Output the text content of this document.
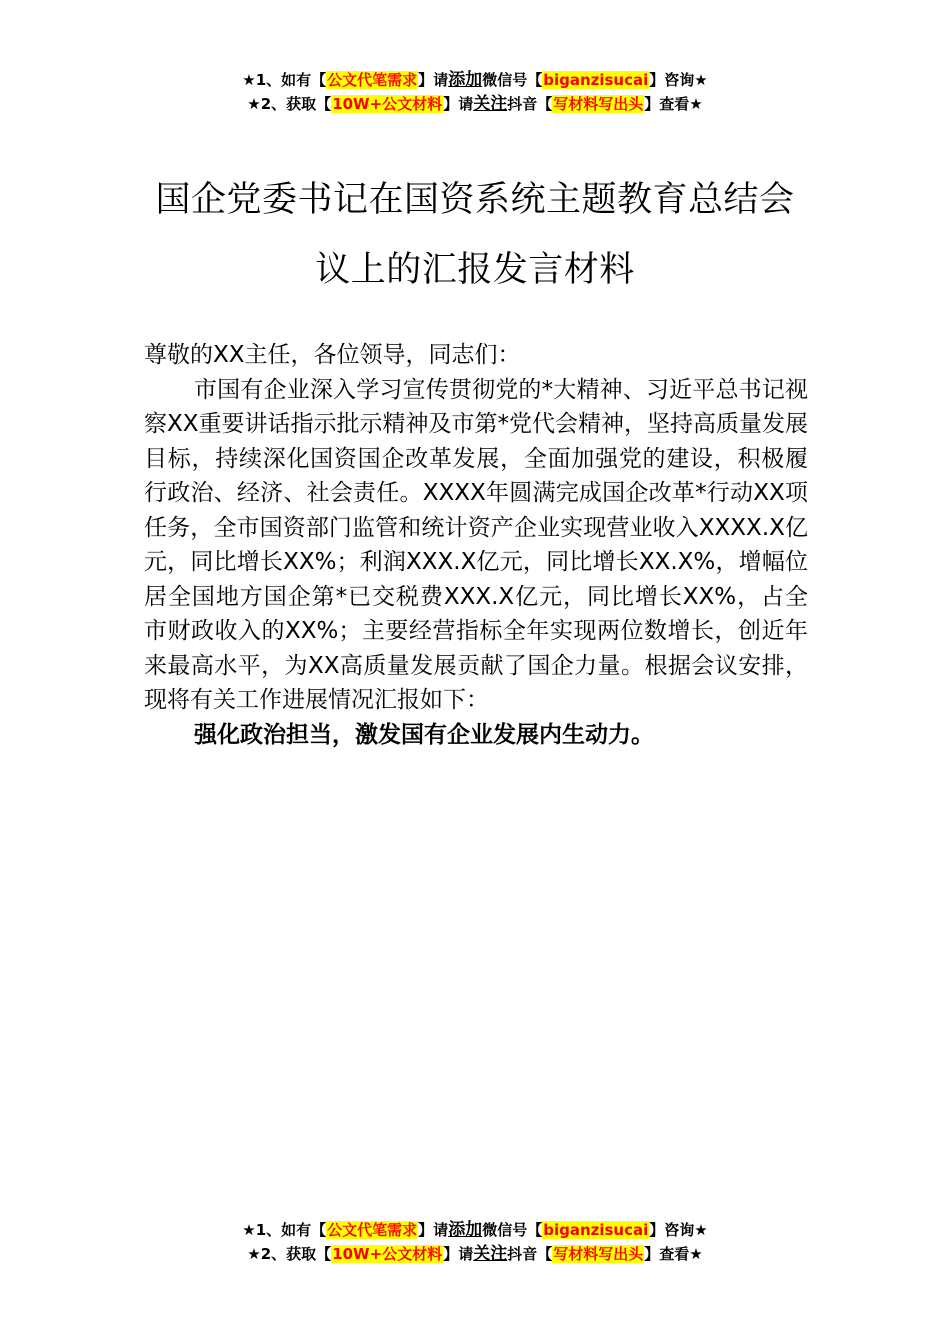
★1、如有【公文代笔需求】请添加微信号【biganzisucai】咨询★
★2、获取【10W+公文材料】请关注抖音【写材料写出头】查看★
国企党委书记在国资系统主题教育总结会议上的汇报发言材料

尊敬的XX主任，各位领导，同志们：

市国有企业深入学习宣传贯彻党的*大精神、习近平总书记视察XX重要讲话指示批示精神及市第*党代会精神，坚持高质量发展目标，持续深化国资国企改革发展，全面加强党的建设，积极履行政治、经济、社会责任。XXXX年圆满完成国企改革*行动XX项任务，全市国资部门监管和统计资产企业实现营业收入XXXX.X亿元，同比增长XX%；利润XXX.X亿元，同比增长XX.X%，增幅位居全国地方国企第*已交税费XXX.X亿元，同比增长XX%，占全市财政收入的XX%；主要经营指标全年实现两位数增长，创近年来最高水平，为XX高质量发展贡献了国企力量。根据会议安排，现将有关工作进展情况汇报如下：

强化政治担当，激发国有企业发展内生动力。

★1、如有【公文代笔需求】请添加微信号【biganzisucai】咨询★
★2、获取【10W+公文材料】请关注抖音【写材料写出头】查看★
